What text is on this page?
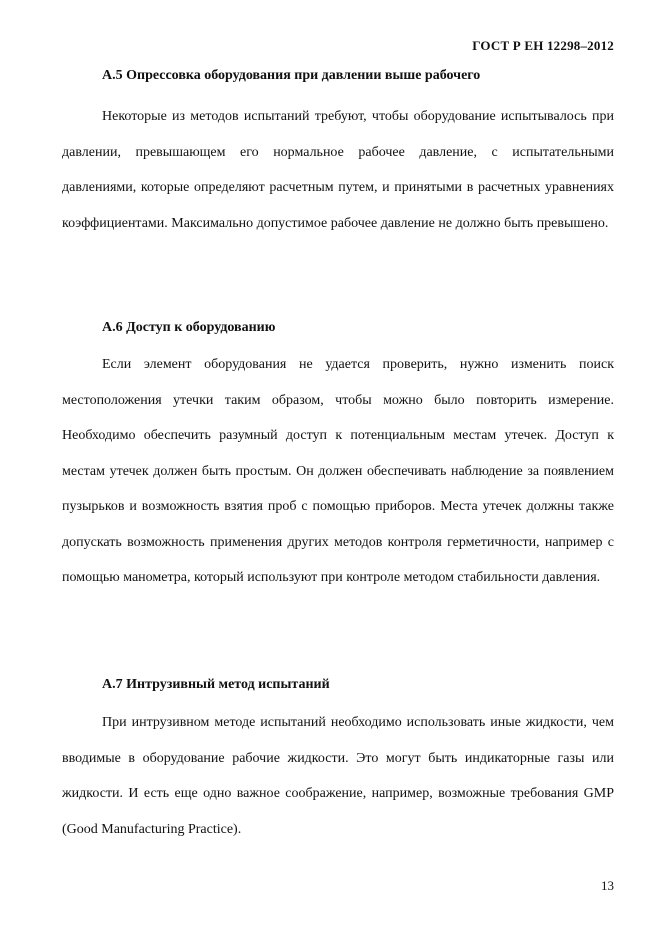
ГОСТ Р ЕН 12298–2012

А.5 Опрессовка оборудования при давлении выше рабочего

Некоторые из методов испытаний требуют, чтобы оборудование испытывалось при давлении, превышающем его нормальное рабочее давление, с испытательными давлениями, которые определяют расчетным путем, и принятыми в расчетных уравнениях коэффициентами. Максимально допустимое рабочее давление не должно быть превышено.

А.6 Доступ к оборудованию

Если элемент оборудования не удается проверить, нужно изменить поиск местоположения утечки таким образом, чтобы можно было повторить измерение. Необходимо обеспечить разумный доступ к потенциальным местам утечек. Доступ к местам утечек должен быть простым. Он должен обеспечивать наблюдение за появлением пузырьков и возможность взятия проб с помощью приборов. Места утечек должны также допускать возможность применения других методов контроля герметичности, например с помощью манометра, который используют при контроле методом стабильности давления.

А.7 Интрузивный метод испытаний

При интрузивном методе испытаний необходимо использовать иные жидкости, чем вводимые в оборудование рабочие жидкости. Это могут быть индикаторные газы или жидкости. И есть еще одно важное соображение, например, возможные требования GMP (Good Manufacturing Practice).

13
